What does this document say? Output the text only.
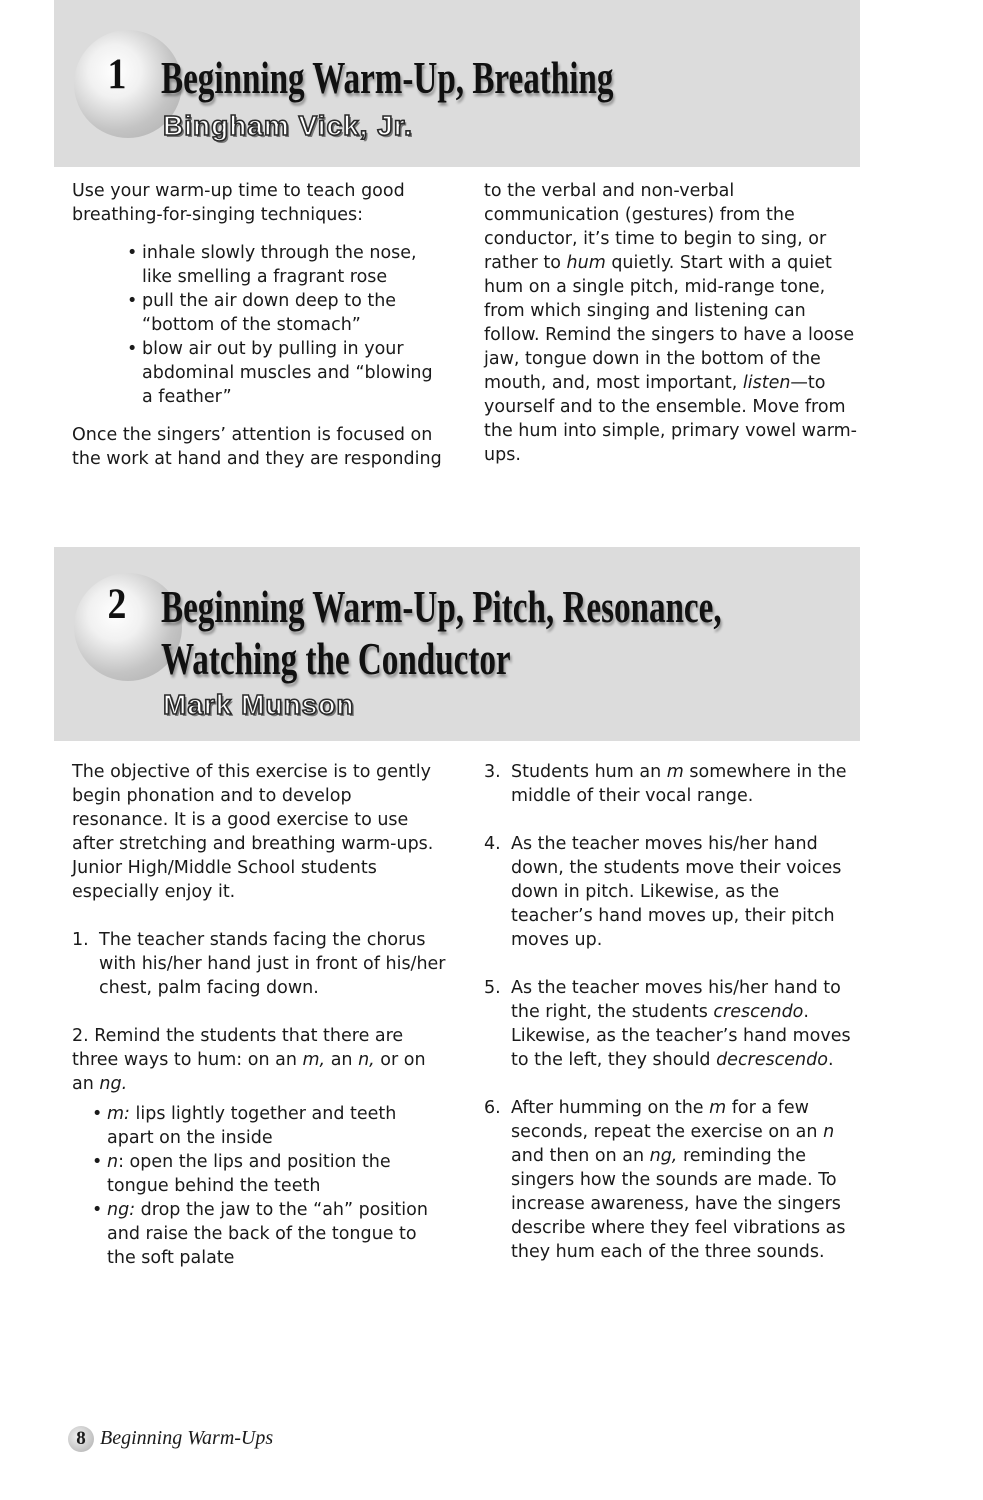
1 Beginning Warm-Up, Breathing
Bingham Vick, Jr.

Use your warm-up time to teach good breathing-for-singing techniques:

• inhale slowly through the nose, like smelling a fragrant rose
• pull the air down deep to the “bottom of the stomach”
• blow air out by pulling in your abdominal muscles and “blowing a feather”

Once the singers’ attention is focused on the work at hand and they are responding

to the verbal and non-verbal communication (gestures) from the conductor, it’s time to begin to sing, or rather to hum quietly. Start with a quiet hum on a single pitch, mid-range tone, from which singing and listening can follow. Remind the singers to have a loose jaw, tongue down in the bottom of the mouth, and, most important, listen—to yourself and to the ensemble. Move from the hum into simple, primary vowel warm-ups.

2 Beginning Warm-Up, Pitch, Resonance,
Watching the Conductor
Mark Munson

The objective of this exercise is to gently begin phonation and to develop resonance. It is a good exercise to use after stretching and breathing warm-ups. Junior High/Middle School students especially enjoy it.

1. The teacher stands facing the chorus with his/her hand just in front of his/her chest, palm facing down.

2. Remind the students that there are three ways to hum: on an m, an n, or on an ng.

• m: lips lightly together and teeth apart on the inside
• n: open the lips and position the tongue behind the teeth
• ng: drop the jaw to the “ah” position and raise the back of the tongue to the soft palate
3. Students hum an m somewhere in the middle of their vocal range.
4. As the teacher moves his/her hand down, the students move their voices down in pitch. Likewise, as the teacher’s hand moves up, their pitch moves up.
5. As the teacher moves his/her hand to the right, the students crescendo. Likewise, as the teacher’s hand moves to the left, they should decrescendo.
6. After humming on the m for a few seconds, repeat the exercise on an n and then on an ng, reminding the singers how the sounds are made. To increase awareness, have the singers describe where they feel vibrations as they hum each of the three sounds.
8 Beginning Warm-Ups
